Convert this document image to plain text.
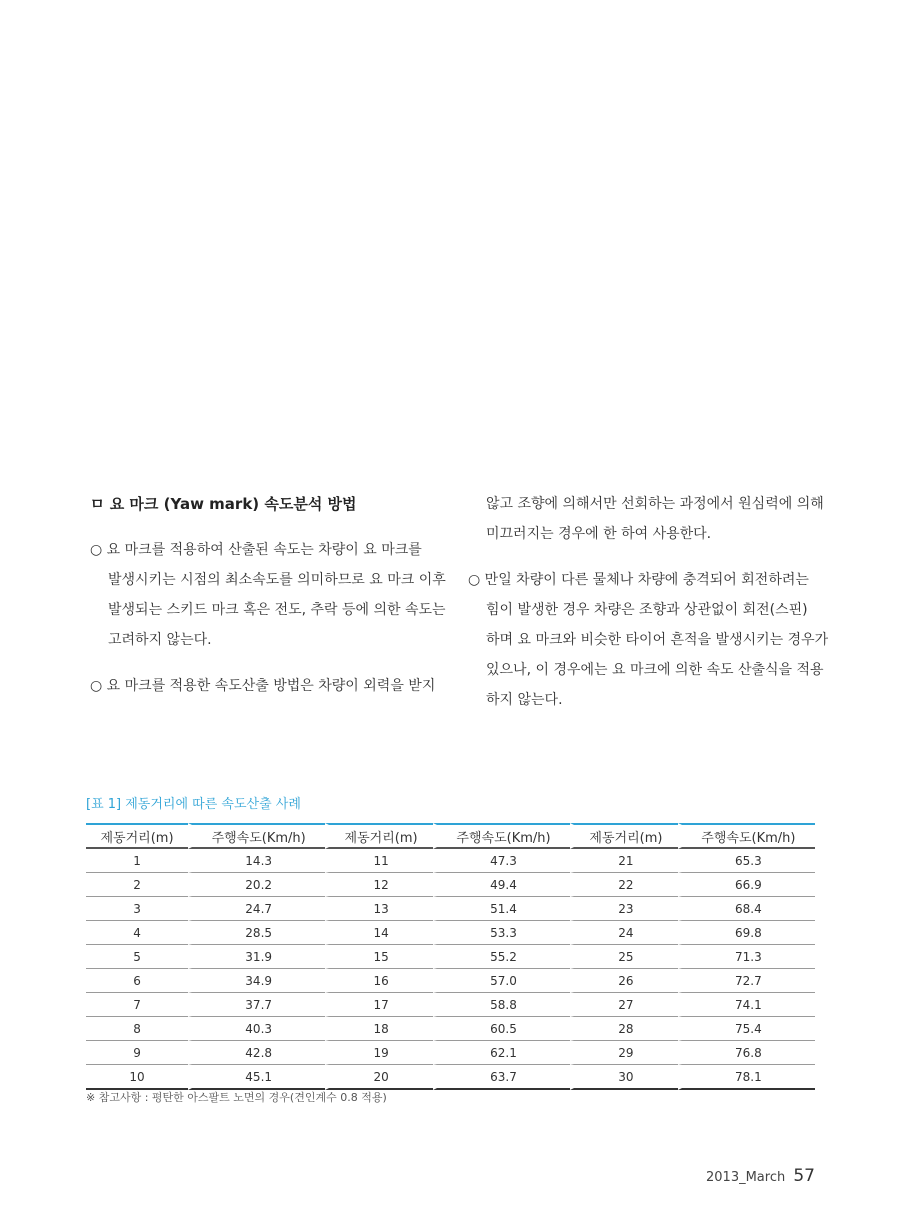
ㅁ 요 마크 (Yaw mark) 속도분석 방법
○ 요 마크를 적용하여 산출된 속도는 차량이 요 마크를
발생시키는 시점의 최소속도를 의미하므로 요 마크 이후
발생되는 스키드 마크 혹은 전도, 추락 등에 의한 속도는
고려하지 않는다.
○ 요 마크를 적용한 속도산출 방법은 차량이 외력을 받지
않고 조향에 의해서만 선회하는 과정에서 원심력에 의해
미끄러지는 경우에 한 하여 사용한다.
○ 만일 차량이 다른 물체나 차량에 충격되어 회전하려는
힘이 발생한 경우 차량은 조향과 상관없이 회전(스핀)
하며 요 마크와 비슷한 타이어 흔적을 발생시키는 경우가
있으나, 이 경우에는 요 마크에 의한 속도 산출식을 적용
하지 않는다.
[표 1] 제동거리에 따른 속도산출 사례
제동거리(m)	주행속도(Km/h)	제동거리(m)	주행속도(Km/h)	제동거리(m)	주행속도(Km/h)
1	14.3	11	47.3	21	65.3
2	20.2	12	49.4	22	66.9
3	24.7	13	51.4	23	68.4
4	28.5	14	53.3	24	69.8
5	31.9	15	55.2	25	71.3
6	34.9	16	57.0	26	72.7
7	37.7	17	58.8	27	74.1
8	40.3	18	60.5	28	75.4
9	42.8	19	62.1	29	76.8
10	45.1	20	63.7	30	78.1
※ 참고사항 : 평탄한 아스팔트 노면의 경우(견인계수 0.8 적용)
2013_March 57
